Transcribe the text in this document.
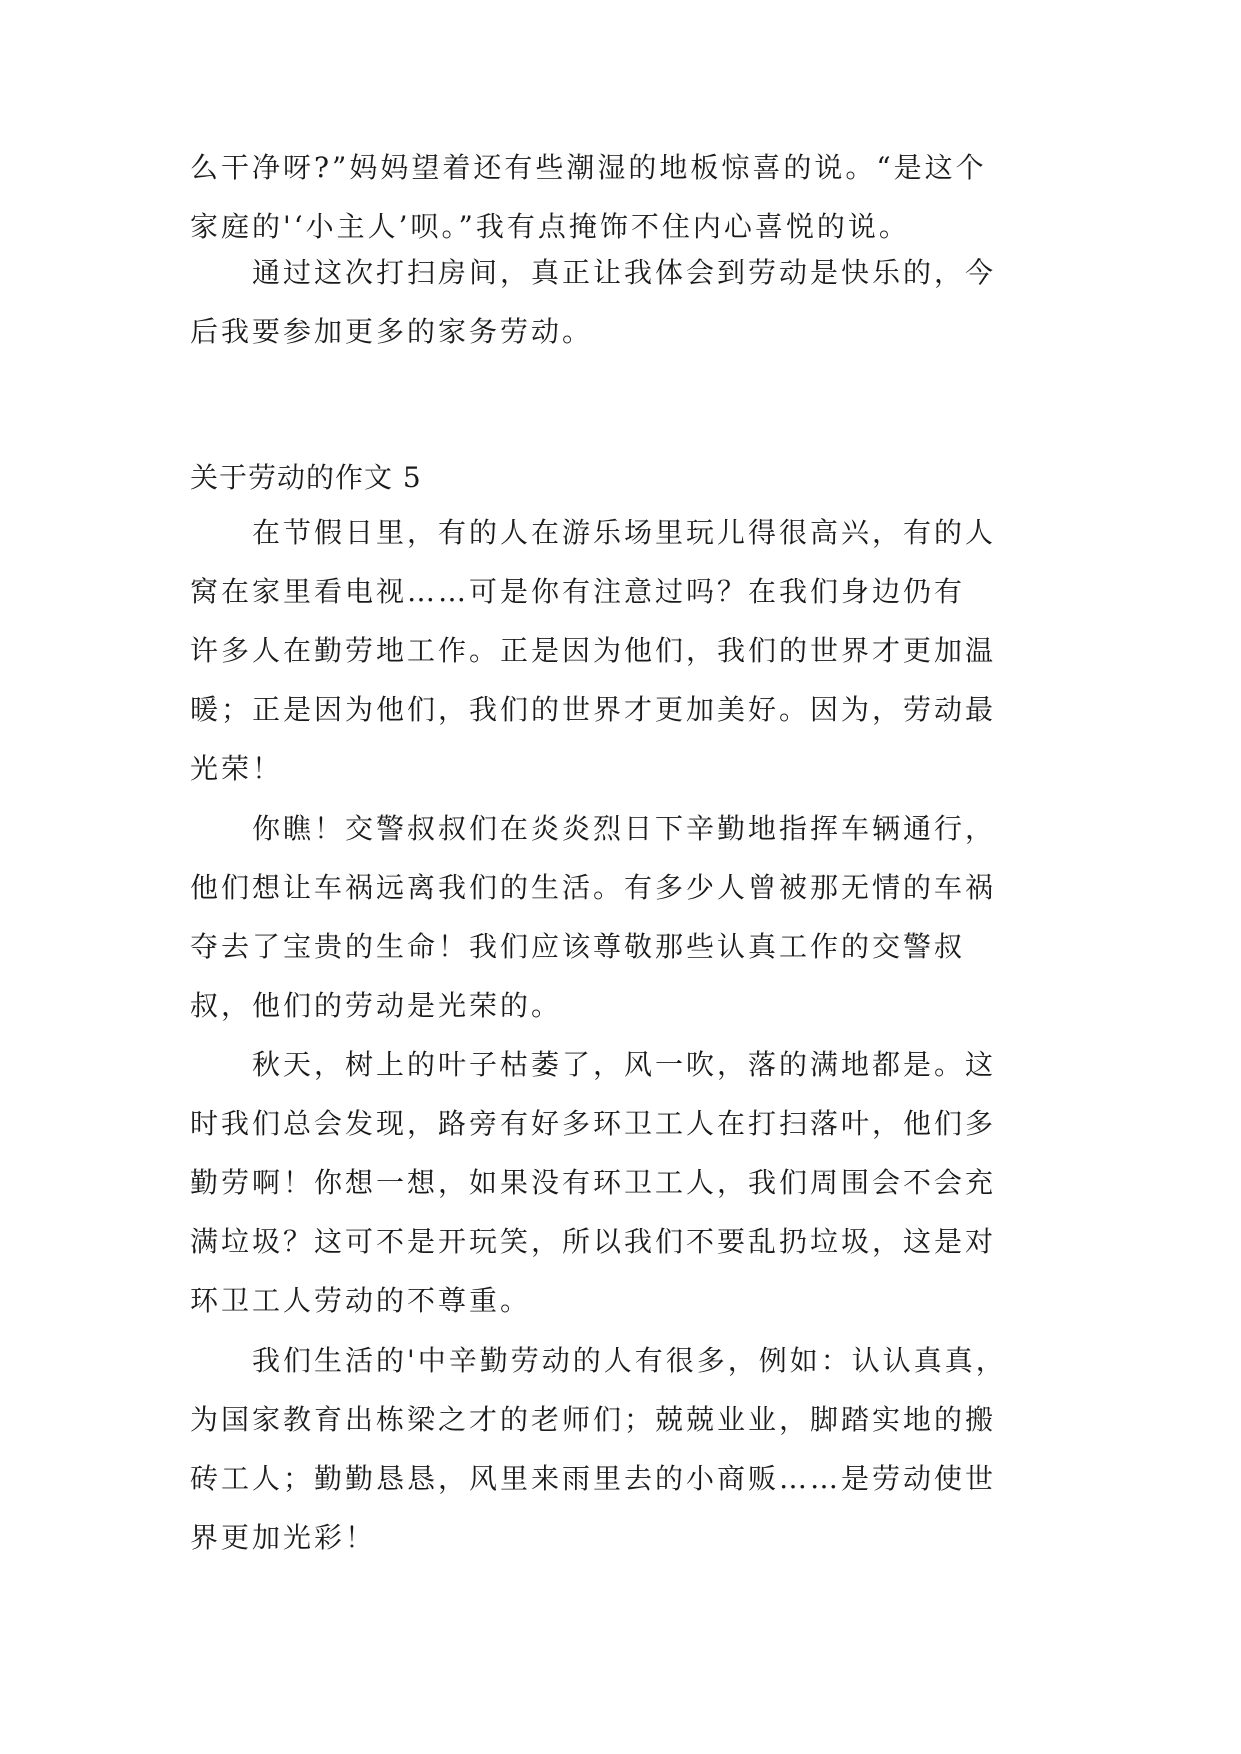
么干净呀?”妈妈望着还有些潮湿的地板惊喜的说。“是这个
家庭的'‘小主人’呗。”我有点掩饰不住内心喜悦的说。
　　通过这次打扫房间，真正让我体会到劳动是快乐的，今
后我要参加更多的家务劳动。
关于劳动的作文 5
　　在节假日里，有的人在游乐场里玩儿得很高兴，有的人
窝在家里看电视……可是你有注意过吗？在我们身边仍有
许多人在勤劳地工作。正是因为他们，我们的世界才更加温
暖；正是因为他们，我们的世界才更加美好。因为，劳动最
光荣！
　　你瞧！交警叔叔们在炎炎烈日下辛勤地指挥车辆通行，
他们想让车祸远离我们的生活。有多少人曾被那无情的车祸
夺去了宝贵的生命！我们应该尊敬那些认真工作的交警叔
叔，他们的劳动是光荣的。
　　秋天，树上的叶子枯萎了，风一吹，落的满地都是。这
时我们总会发现，路旁有好多环卫工人在打扫落叶，他们多
勤劳啊！你想一想，如果没有环卫工人，我们周围会不会充
满垃圾？这可不是开玩笑，所以我们不要乱扔垃圾，这是对
环卫工人劳动的不尊重。
　　我们生活的'中辛勤劳动的人有很多，例如：认认真真，
为国家教育出栋梁之才的老师们；兢兢业业，脚踏实地的搬
砖工人；勤勤恳恳，风里来雨里去的小商贩……是劳动使世
界更加光彩！
